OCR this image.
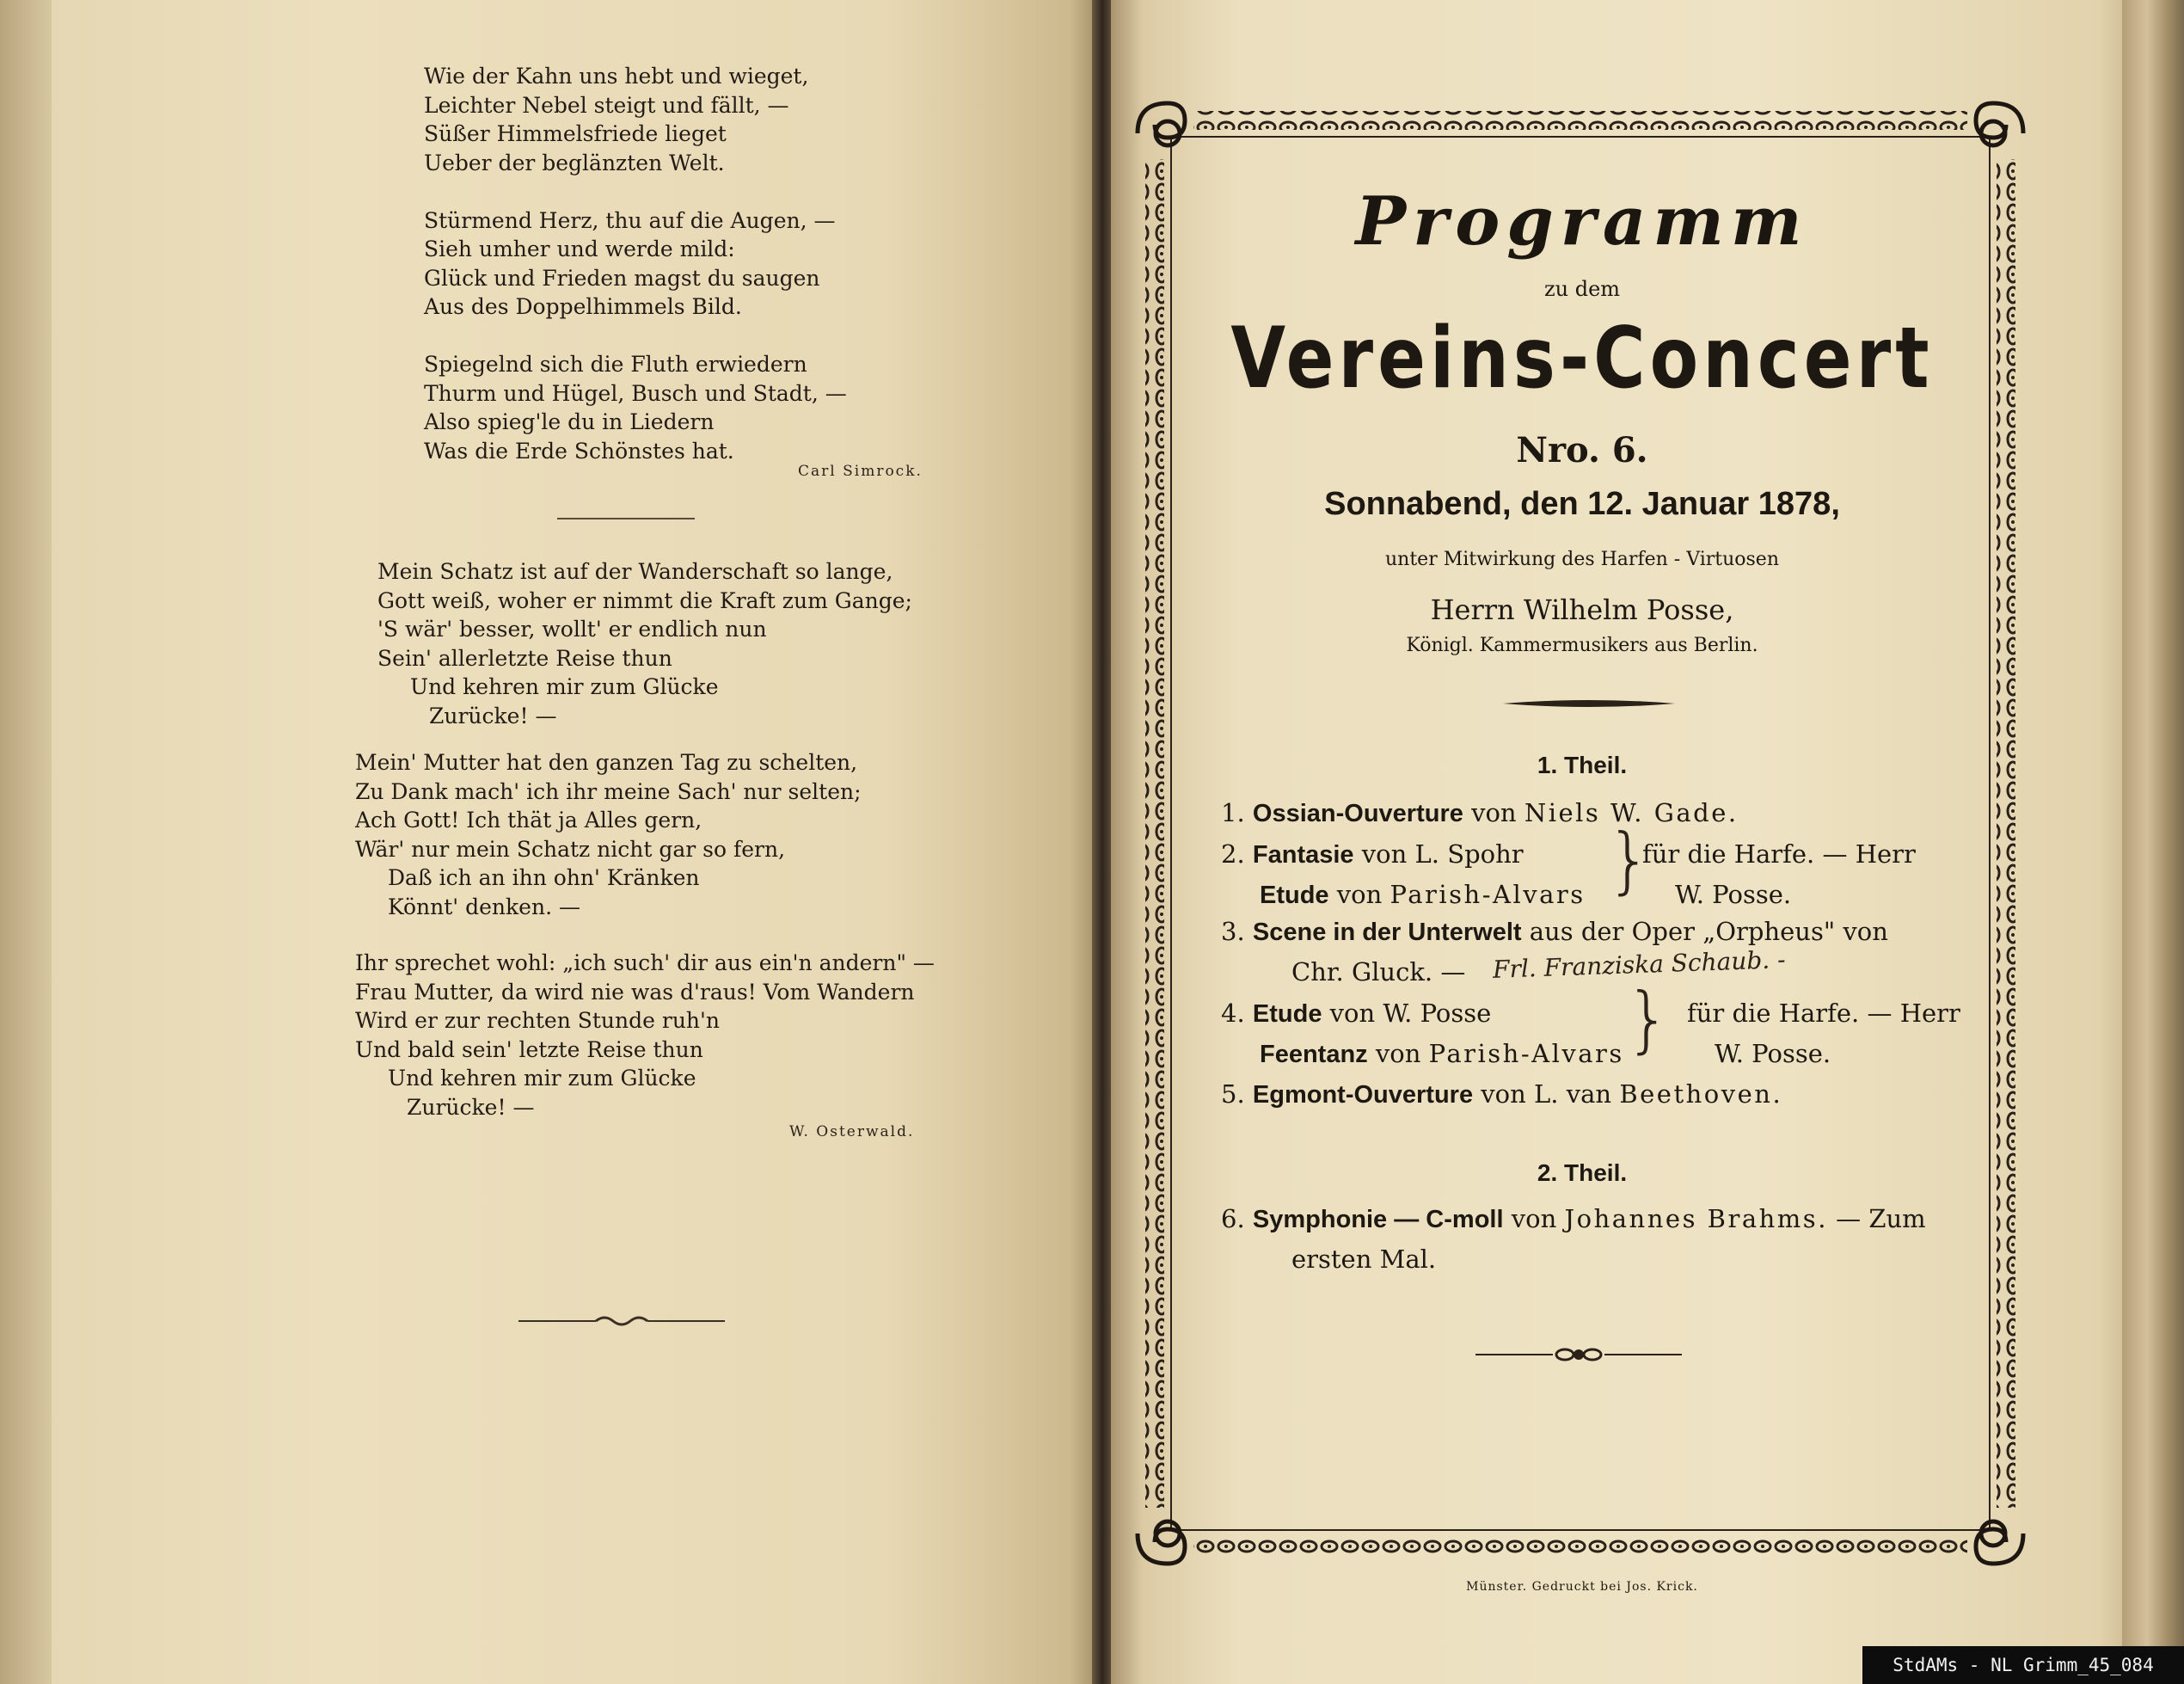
Wie der Kahn uns hebt und wieget,
Leichter Nebel steigt und fällt, —
Süßer Himmelsfriede lieget
Ueber der beglänzten Welt.

Stürmend Herz, thu auf die Augen, —
Sieh umher und werde mild:
Glück und Frieden magst du saugen
Aus des Doppelhimmels Bild.

Spiegelnd sich die Fluth erwiedern
Thurm und Hügel, Busch und Stadt, —
Also spieg'le du in Liedern
Was die Erde Schönstes hat.
Carl Simrock.
Mein Schatz ist auf der Wanderschaft so lange,
Gott weiß, woher er nimmt die Kraft zum Gange;
'S wär' besser, wollt' er endlich nun
Sein' allerletzte Reise thun
Und kehren mir zum Glücke
Zurücke! —
Mein' Mutter hat den ganzen Tag zu schelten,
Zu Dank mach' ich ihr meine Sach' nur selten;
Ach Gott! Ich thät ja Alles gern,
Wär' nur mein Schatz nicht gar so fern,
Daß ich an ihn ohn' Kränken
Könnt' denken. —
Ihr sprechet wohl: „ich such' dir aus ein'n andern" —
Frau Mutter, da wird nie was d'raus! Vom Wandern
Wird er zur rechten Stunde ruh'n
Und bald sein' letzte Reise thun
Und kehren mir zum Glücke
Zurücke! —
W. Osterwald.
Programm
zu dem
Vereins-Concert
Nro. 6.
Sonnabend, den 12. Januar 1878,
unter Mitwirkung des Harfen - Virtuosen
Herrn Wilhelm Posse,
Königl. Kammermusikers aus Berlin.
1. Theil.
1. Ossian-Ouverture von Niels W. Gade.
2. Fantasie von L. Spohr
Etude von Parish-Alvars }
für die Harfe. — Herr
W. Posse.
3. Scene in der Unterwelt aus der Oper „Orpheus" von
Chr. Gluck. — Frl. Franziska Schaub. -
4. Etude von W. Posse
Feentanz von Parish-Alvars } für die Harfe. — Herr
W. Posse.
5. Egmont-Ouverture von L. van Beethoven.
2. Theil.
6. Symphonie — C-moll von Johannes Brahms. — Zum
ersten Mal.
Münster. Gedruckt bei Jos. Krick.
StdAMs - NL Grimm_45_084
